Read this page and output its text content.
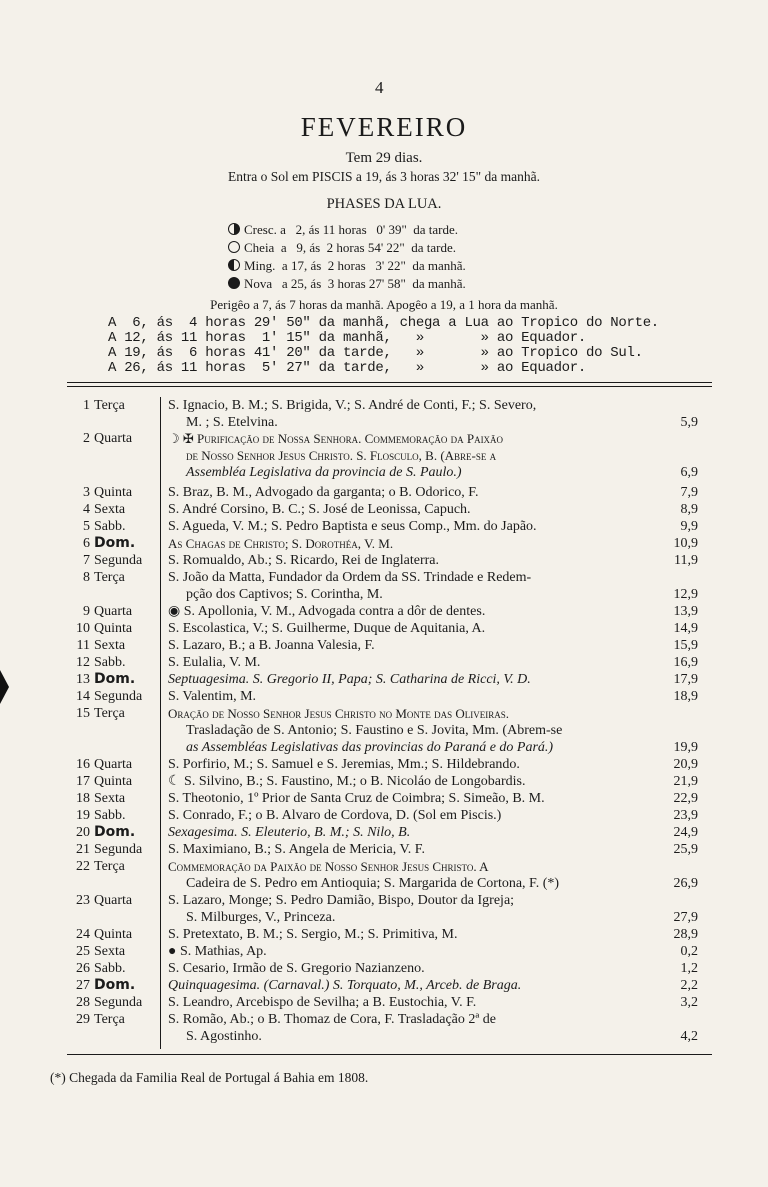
4
FEVEREIRO
Tem 29 dias.
Entra o Sol em PISCIS a 19, ás 3 horas 32' 15" da manhã.
PHASES DA LUA.
Cresc. a   2, ás 11 horas   0' 39"  da tarde.
Cheia  a   9, ás  2 horas 54' 22"  da tarde.
Ming.  a 17, ás  2 horas   3' 22"  da manhã.
Nova   a 25, ás  3 horas 27' 58"  da manhã.
Perigêo a 7, ás 7 horas da manhã. Apogêo a 19, a 1 hora da manhã.
A  6, ás  4 horas 29' 50" da manhã, chega a Lua ao Tropico do Norte.
A 12, ás 11 horas  1' 15" da manhã,   »       » ao Equador.
A 19, ás  6 horas 41' 20" da tarde,   »       » ao Tropico do Sul.
A 26, ás 11 horas  5' 27" da tarde,   »       » ao Equador.
1 Terça	S. Ignacio, B. M.; S. Brigida, V.; S. André de Conti, F.; S. Severo,
M. ; S. Etelvina.	5,9
2 Quarta	☽ ✠ Purificação de Nossa Senhora. Commemoração da Paixão
de Nosso Senhor Jesus Christo. S. Flosculo, B. (Abre-se a
Assembléa Legislativa da provincia de S. Paulo.)	6,9
3 Quinta	S. Braz, B. M., Advogado da garganta; o B. Odorico, F.	7,9
4 Sexta	S. André Corsino, B. C.; S. José de Leonissa, Capuch.	8,9
5 Sabb.	S. Agueda, V. M.; S. Pedro Baptista e seus Comp., Mm. do Japão.	9,9
6 Dom.	As Chagas de Christo; S. Dorothéa, V. M.	10,9
7 Segunda S. Romualdo, Ab.; S. Ricardo, Rei de Inglaterra.	11,9
8 Terça	S. João da Matta, Fundador da Ordem da SS. Trindade e Redem-
pção dos Captivos; S. Corintha, M.	12,9
9 Quarta	◉ S. Apollonia, V. M., Advogada contra a dôr de dentes.	13,9
10 Quinta	S. Escolastica, V.; S. Guilherme, Duque de Aquitania, A.	14,9
11 Sexta	S. Lazaro, B.; a B. Joanna Valesia, F.	15,9
12 Sabb.	S. Eulalia, V. M.	16,9
13 Dom. Septuagesima. S. Gregorio II, Papa; S. Catharina de Ricci, V. D.	17,9
14 Segunda S. Valentim, M.	18,9
15 Terça	Oração de Nosso Senhor Jesus Christo no Monte das Oliveiras.
Trasladação de S. Antonio; S. Faustino e S. Jovita, Mm. (Abrem-se
as Assembléas Legislativas das provincias do Paraná e do Pará.)	19,9
16 Quarta	S. Porfirio, M.; S. Samuel e S. Jeremias, Mm.; S. Hildebrando.	20,9
17 Quinta	☾ S. Silvino, B.; S. Faustino, M.; o B. Nicoláo de Longobardis.	21,9
18 Sexta	S. Theotonio, 1º Prior de Santa Cruz de Coimbra; S. Simeão, B. M.	22,9
19 Sabb.	S. Conrado, F.; o B. Alvaro de Cordova, D. (Sol em Piscis.)	23,9
20 Dom. Sexagesima. S. Eleuterio, B. M.; S. Nilo, B.	24,9
21 Segunda S. Maximiano, B.; S. Angela de Mericia, V. F.	25,9
22 Terça	Commemoração da Paixão de Nosso Senhor Jesus Christo. A
Cadeira de S. Pedro em Antioquia; S. Margarida de Cortona, F. (*)	26,9
23 Quarta	S. Lazaro, Monge; S. Pedro Damião, Bispo, Doutor da Igreja;
S. Milburges, V., Princeza.	27,9
24 Quinta	S. Pretextato, B. M.; S. Sergio, M.; S. Primitiva, M.	28,9
25 Sexta	● S. Mathias, Ap.	0,2
26 Sabb.	S. Cesario, Irmão de S. Gregorio Nazianzeno.	1,2
27 Dom. Quinquagesima. (Carnaval.) S. Torquato, M., Arceb. de Braga.	2,2
28 Segunda S. Leandro, Arcebispo de Sevilha; a B. Eustochia, V. F.	3,2
29 Terça	S. Romão, Ab.; o B. Thomaz de Cora, F. Trasladação 2ª de
S. Agostinho.	4,2
(*) Chegada da Familia Real de Portugal á Bahia em 1808.
